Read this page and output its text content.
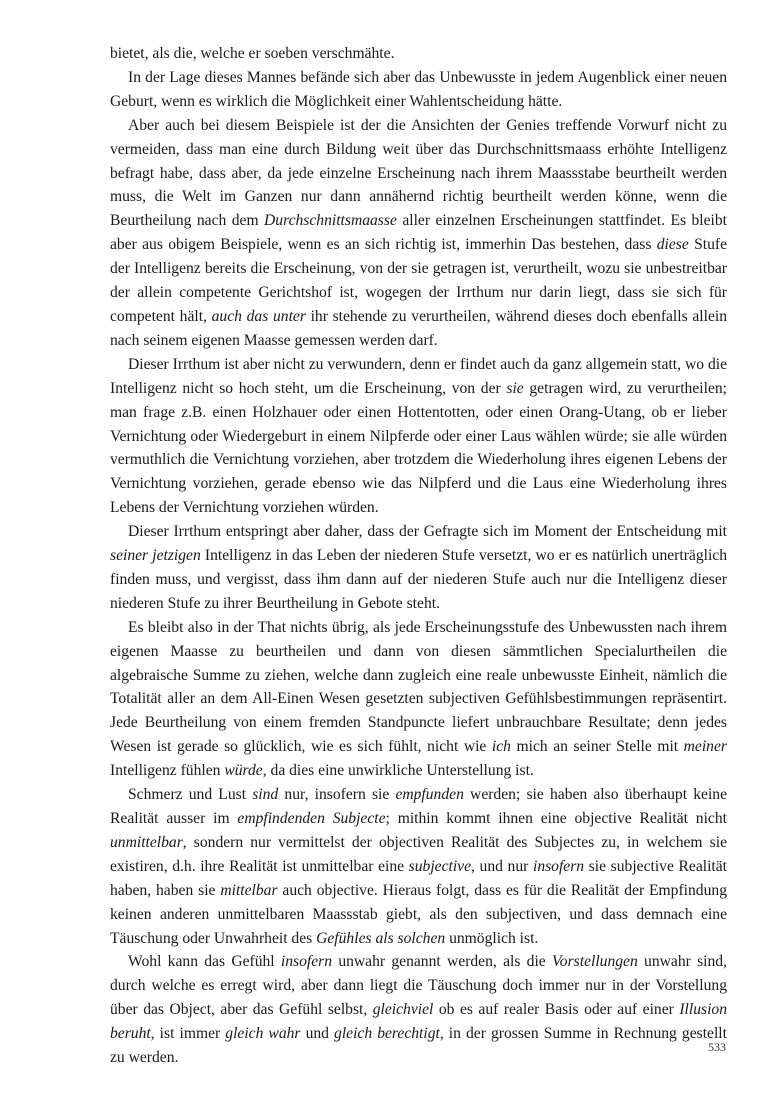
bietet, als die, welche er soeben verschmähte.

In der Lage dieses Mannes befände sich aber das Unbewusste in jedem Augenblick einer neuen Geburt, wenn es wirklich die Möglichkeit einer Wahlentscheidung hätte.

Aber auch bei diesem Beispiele ist der die Ansichten der Genies treffende Vorwurf nicht zu vermeiden, dass man eine durch Bildung weit über das Durchschnittsmaass erhöhte Intelligenz befragt habe, dass aber, da jede einzelne Erscheinung nach ihrem Maassstabe beurtheilt werden muss, die Welt im Ganzen nur dann annähernd richtig beurtheilt werden könne, wenn die Beurtheilung nach dem Durchschnittsmaasse aller einzelnen Erscheinungen stattfindet. Es bleibt aber aus obigem Beispiele, wenn es an sich richtig ist, immerhin Das bestehen, dass diese Stufe der Intelligenz bereits die Erscheinung, von der sie getragen ist, verurtheilt, wozu sie unbestreitbar der allein competente Gerichtshof ist, wogegen der Irrthum nur darin liegt, dass sie sich für competent hält, auch das unter ihr stehende zu verurtheilen, während dieses doch ebenfalls allein nach seinem eigenen Maasse gemessen werden darf.

Dieser Irrthum ist aber nicht zu verwundern, denn er findet auch da ganz allgemein statt, wo die Intelligenz nicht so hoch steht, um die Erscheinung, von der sie getragen wird, zu verurtheilen; man frage z.B. einen Holzhauer oder einen Hottentotten, oder einen Orang-Utang, ob er lieber Vernichtung oder Wiedergeburt in einem Nilpferde oder einer Laus wählen würde; sie alle würden vermuthlich die Vernichtung vorziehen, aber trotzdem die Wiederholung ihres eigenen Lebens der Vernichtung vorziehen, gerade ebenso wie das Nilpferd und die Laus eine Wiederholung ihres Lebens der Vernichtung vorziehen würden.

Dieser Irrthum entspringt aber daher, dass der Gefragte sich im Moment der Entscheidung mit seiner jetzigen Intelligenz in das Leben der niederen Stufe versetzt, wo er es natürlich unerträglich finden muss, und vergisst, dass ihm dann auf der niederen Stufe auch nur die Intelligenz dieser niederen Stufe zu ihrer Beurtheilung in Gebote steht.

Es bleibt also in der That nichts übrig, als jede Erscheinungsstufe des Unbewussten nach ihrem eigenen Maasse zu beurtheilen und dann von diesen sämmtlichen Specialurtheilen die algebraische Summe zu ziehen, welche dann zugleich eine reale unbewusste Einheit, nämlich die Totalität aller an dem All-Einen Wesen gesetzten subjectiven Gefühlsbestimmungen repräsentirt. Jede Beurtheilung von einem fremden Standpuncte liefert unbrauchbare Resultate; denn jedes Wesen ist gerade so glücklich, wie es sich fühlt, nicht wie ich mich an seiner Stelle mit meiner Intelligenz fühlen würde, da dies eine unwirkliche Unterstellung ist.

Schmerz und Lust sind nur, insofern sie empfunden werden; sie haben also überhaupt keine Realität ausser im empfindenden Subjecte; mithin kommt ihnen eine objective Realität nicht unmittelbar, sondern nur vermittelst der objectiven Realität des Subjectes zu, in welchem sie existiren, d.h. ihre Realität ist unmittelbar eine subjective, und nur insofern sie subjective Realität haben, haben sie mittelbar auch objective. Hieraus folgt, dass es für die Realität der Empfindung keinen anderen unmittelbaren Maassstab giebt, als den subjectiven, und dass demnach eine Täuschung oder Unwahrheit des Gefühles als solchen unmöglich ist.

Wohl kann das Gefühl insofern unwahr genannt werden, als die Vorstellungen unwahr sind, durch welche es erregt wird, aber dann liegt die Täuschung doch immer nur in der Vorstellung über das Object, aber das Gefühl selbst, gleichviel ob es auf realer Basis oder auf einer Illusion beruht, ist immer gleich wahr und gleich berechtigt, in der grossen Summe in Rechnung gestellt zu werden.

533
